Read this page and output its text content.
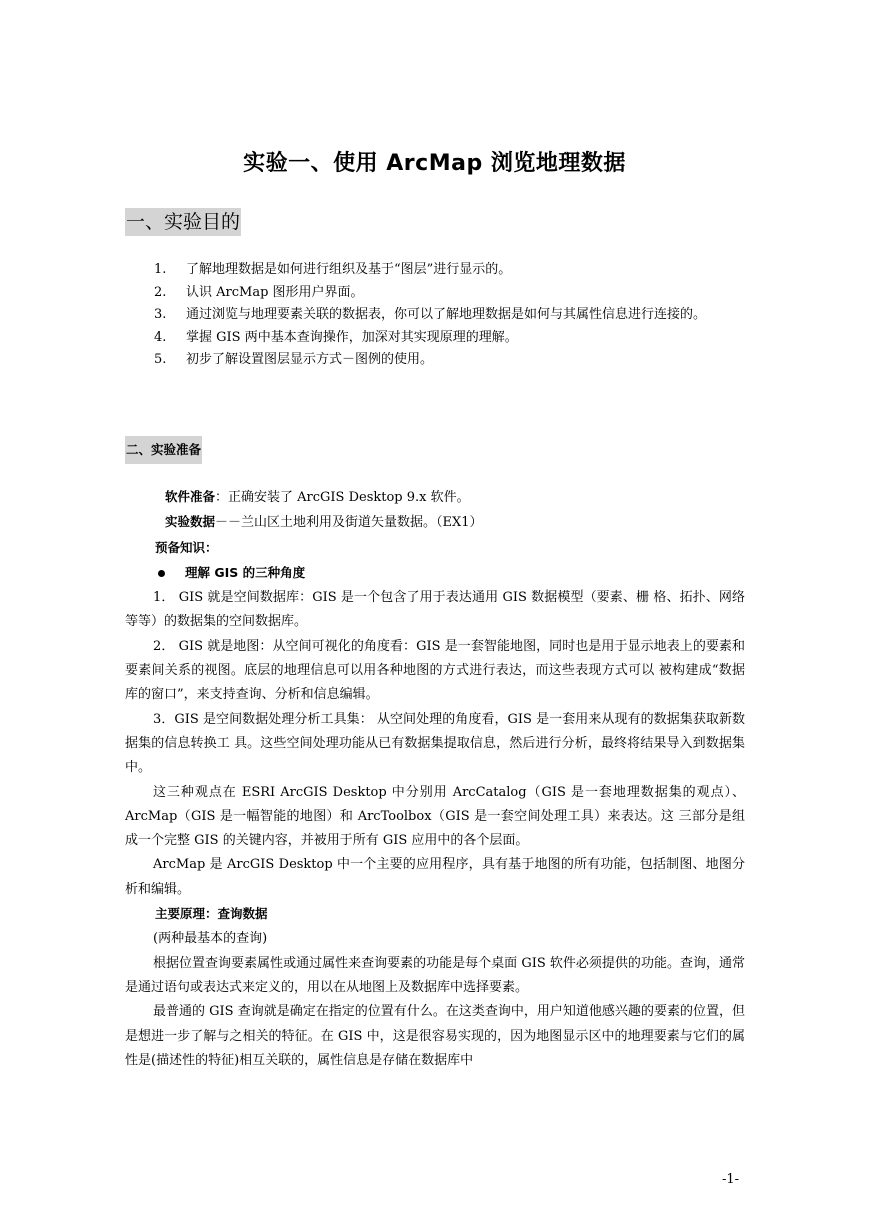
实验一、使用 ArcMap 浏览地理数据
一、实验目的
1. 了解地理数据是如何进行组织及基于“图层”进行显示的。
2. 认识 ArcMap 图形用户界面。
3. 通过浏览与地理要素关联的数据表，你可以了解地理数据是如何与其属性信息进行连接的。
4. 掌握 GIS 两中基本查询操作，加深对其实现原理的理解。
5. 初步了解设置图层显示方式－图例的使用。
二、实验准备

软件准备：正确安装了 ArcGIS Desktop 9.x 软件。

实验数据－－兰山区土地利用及街道矢量数据。（EX1）

预备知识：

理解 GIS 的三种角度

1． GIS 就是空间数据库：GIS 是一个包含了用于表达通用 GIS 数据模型（要素、栅 格、拓扑、网络等等）的数据集的空间数据库。

2． GIS 就是地图：从空间可视化的角度看：GIS 是一套智能地图，同时也是用于显示地表上的要素和 要素间关系的视图。底层的地理信息可以用各种地图的方式进行表达，而这些表现方式可以 被构建成“数据库的窗口”，来支持查询、分析和信息编辑。

3．GIS 是空间数据处理分析工具集： 从空间处理的角度看，GIS 是一套用来从现有的数据集获取新数据集的信息转换工 具。这些空间处理功能从已有数据集提取信息，然后进行分析，最终将结果导入到数据集中。

这三种观点在 ESRI ArcGIS Desktop 中分别用 ArcCatalog（GIS 是一套地理数据集的观点）、 ArcMap（GIS 是一幅智能的地图）和 ArcToolbox（GIS 是一套空间处理工具）来表达。这 三部分是组成一个完整 GIS 的关键内容，并被用于所有 GIS 应用中的各个层面。

ArcMap 是 ArcGIS Desktop 中一个主要的应用程序，具有基于地图的所有功能，包括制图、地图分析和编辑。

主要原理：查询数据

(两种最基本的查询)

根据位置查询要素属性或通过属性来查询要素的功能是每个桌面 GIS 软件必须提供的功能。查询，通常是通过语句或表达式来定义的，用以在从地图上及数据库中选择要素。

最普通的 GIS 查询就是确定在指定的位置有什么。在这类查询中，用户知道他感兴趣的要素的位置，但是想进一步了解与之相关的特征。在 GIS 中，这是很容易实现的，因为地图显示区中的地理要素与它们的属性是(描述性的特征)相互关联的，属性信息是存储在数据库中

-1-
